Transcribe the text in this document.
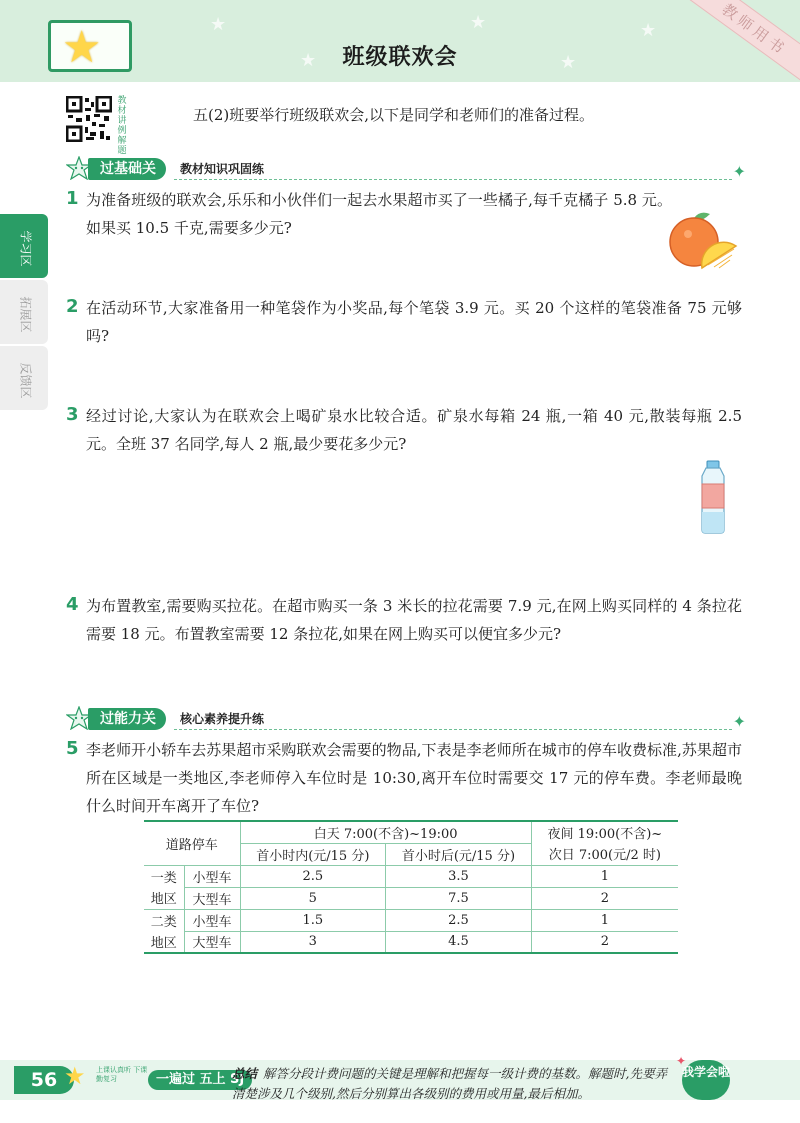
★
★
★
★
★
★	班级联欢会	教师用书
教材讲例解题
五(2)班要举行班级联欢会,以下是同学和老师们的准备过程。
学习区
拓展区
反馈区
过基础关	教材知识巩固练	✦
1 为准备班级的联欢会,乐乐和小伙伴们一起去水果超市买了一些橘子,每千克橘子 5.8 元。如果买 10.5 千克,需要多少元?
2 在活动环节,大家准备用一种笔袋作为小奖品,每个笔袋 3.9 元。买 20 个这样的笔袋准备 75 元够吗?
3 经过讨论,大家认为在联欢会上喝矿泉水比较合适。矿泉水每箱 24 瓶,一箱 40 元,散装每瓶 2.5 元。全班 37 名同学,每人 2 瓶,最少要花多少元?
4 为布置教室,需要购买拉花。在超市购买一条 3 米长的拉花需要 7.9 元,在网上购买同样的 4 条拉花需要 18 元。布置教室需要 12 条拉花,如果在网上购买可以便宜多少元?
过能力关	核心素养提升练	✦
5 李老师开小轿车去苏果超市采购联欢会需要的物品,下表是李老师所在城市的停车收费标准,苏果超市所在区域是一类地区,李老师停入车位时是 10:30,离开车位时需要交 17 元的停车费。李老师最晚什么时间开车离开了车位?
道路停车		白天 7:00(不含)~19:00		夜间 19:00(不含)~
		首小时内(元/15 分)	首小时后(元/15 分)	次日 7:00(元/2 时)
一类	小型车	2.5	3.5	1
地区	大型车	5	7.5	2
二类	小型车	1.5	2.5	1
地区	大型车	3	4.5	2
56 ★ 上课认真听 下课勤复习	一遍过 五上 SJ
总结 解答分段计费问题的关键是理解和把握每一级计费的基数。解题时,先要弄清楚涉及几个级别,然后分别算出各级别的费用或用量,最后相加。
✦
我学会啦
